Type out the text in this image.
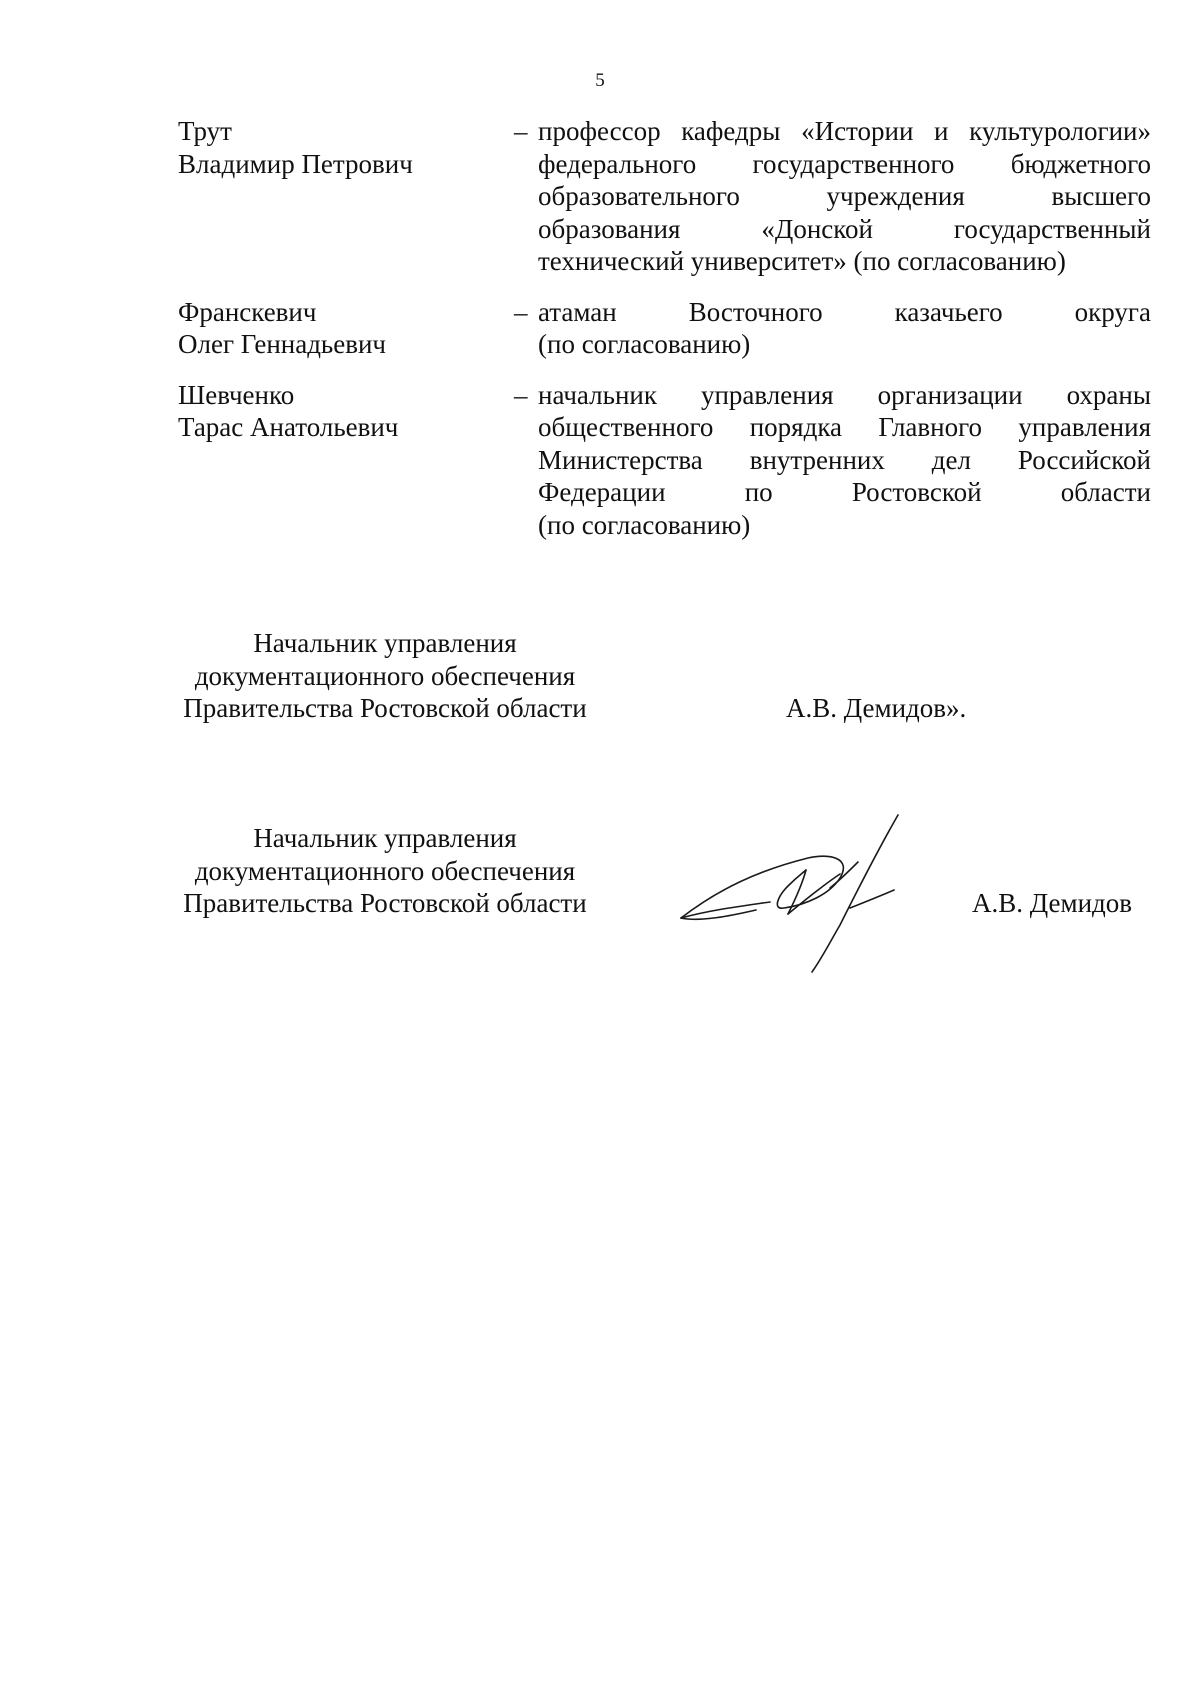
5
Трут
Владимир Петрович
– профессор кафедры «Истории и культурологии»
федерального государственного бюджетного
образовательного учреждения высшего
образования «Донской государственный
технический университет» (по согласованию)
Франскевич
Олег Геннадьевич
– атаман Восточного казачьего округа
(по согласованию)
Шевченко
Тарас Анатольевич
– начальник управления организации охраны
общественного порядка Главного управления
Министерства внутренних дел Российской
Федерации по Ростовской области
(по согласованию)
Начальник управления
документационного обеспечения
Правительства Ростовской области	А.В. Демидов».
Начальник управления
документационного обеспечения
Правительства Ростовской области	А.В. Демидов
